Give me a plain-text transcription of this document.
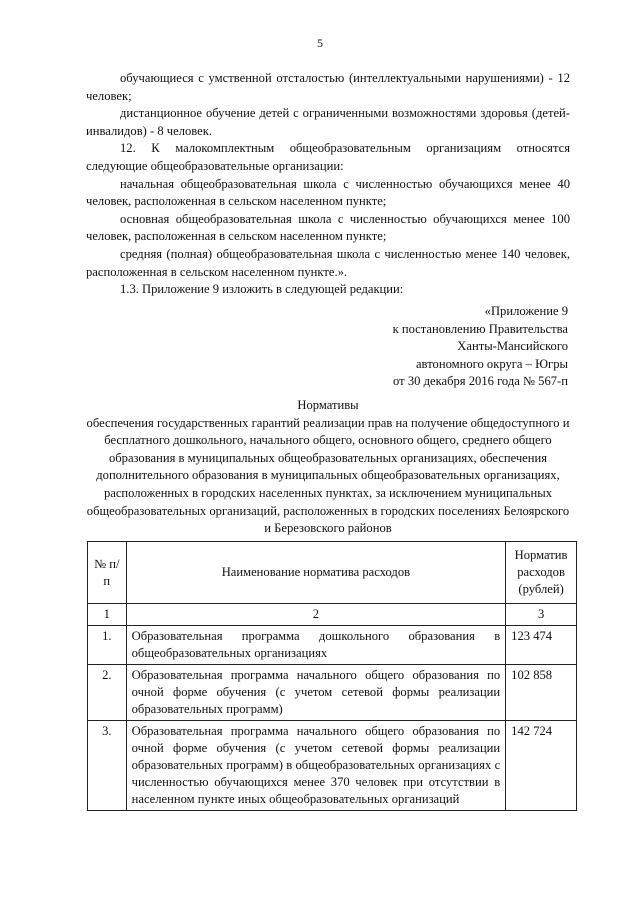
5

обучающиеся с умственной отсталостью (интеллектуальными нарушениями) - 12 человек;

дистанционное обучение детей с ограниченными возможностями здоровья (детей-инвалидов) - 8 человек.

12. К малокомплектным общеобразовательным организациям относятся следующие общеобразовательные организации:

начальная общеобразовательная школа с численностью обучающихся менее 40 человек, расположенная в сельском населенном пункте;

основная общеобразовательная школа с численностью обучающихся менее 100 человек, расположенная в сельском населенном пункте;

средняя (полная) общеобразовательная школа с численностью менее 140 человек, расположенная в сельском населенном пункте.».

1.3. Приложение 9 изложить в следующей редакции:

«Приложение 9
к постановлению Правительства
Ханты-Мансийского
автономного округа – Югры
от 30 декабря 2016 года № 567-п
Нормативы
обеспечения государственных гарантий реализации прав на получение общедоступного и бесплатного дошкольного, начального общего, основного общего, среднего общего образования в муниципальных общеобразовательных организациях, обеспечения дополнительного образования в муниципальных общеобразовательных организациях, расположенных в городских населенных пунктах, за исключением муниципальных общеобразовательных организаций, расположенных в городских поселениях Белоярского и Березовского районов
№ п/п	Наименование норматива расходов	Норматив расходов (рублей)
1	2	3
1.	Образовательная программа дошкольного образования в общеобразовательных организациях	123 474
2.	Образовательная программа начального общего образования по очной форме обучения (с учетом сетевой формы реализации образовательных программ)	102 858
3.	Образовательная программа начального общего образования по очной форме обучения (с учетом сетевой формы реализации образовательных программ) в общеобразовательных организациях с численностью обучающихся менее 370 человек при отсутствии в населенном пункте иных общеобразовательных организаций	142 724
